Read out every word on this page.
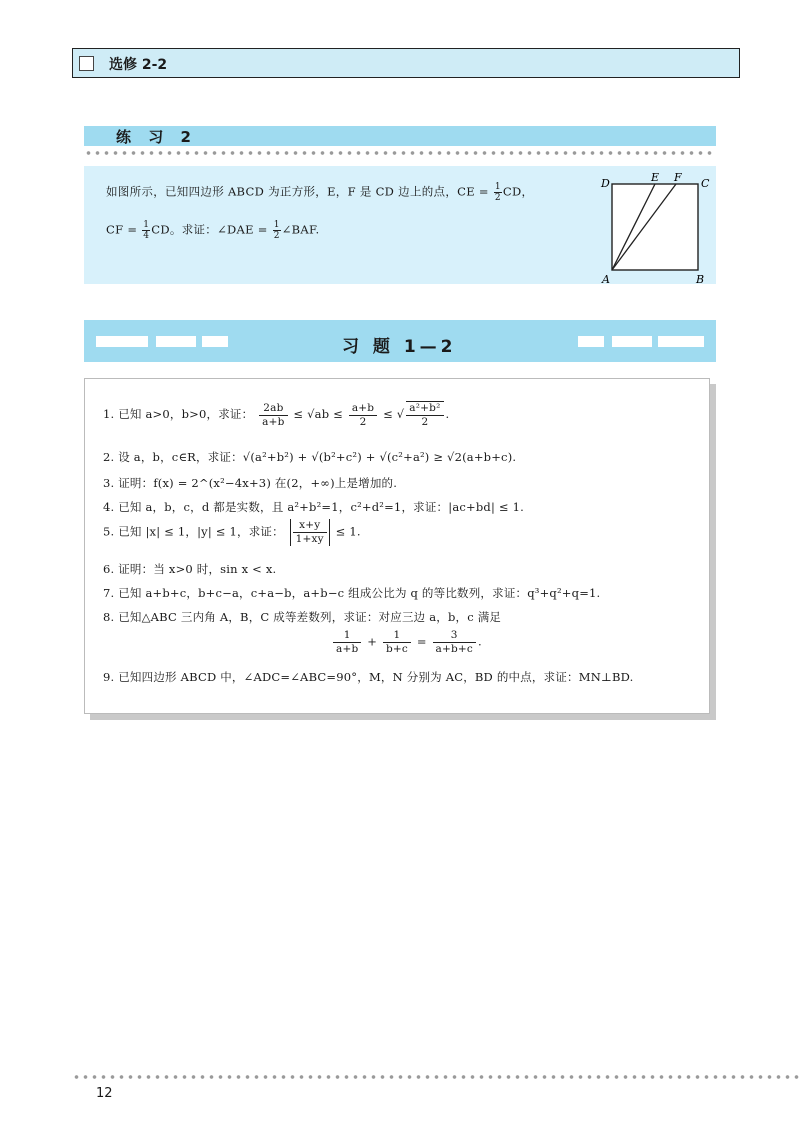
选修 2-2
练 习 2
如图所示，已知四边形 ABCD 为正方形，E，F 是 CD 边上的点，CE = $\frac{1}{2}$ CD，
CF = $\frac{1}{4}$ CD。求证：∠DAE = $\frac{1}{2}$ ∠BAF.
D	E F C
A	B
习 题 1—2
1. 已知 a>0，b>0，求证： $\frac{2ab}{a+b} \le √ab \le \frac{a+b}{2}$ ≤ √ $\frac{\text{a²+b²}}{2}$ .
2. 设 a，b，c∈R，求证：√(a²+b²) + √(b²+c²) + √(c²+a²) ≥ √2(a+b+c).
3. 证明：f(x) = 2^(x²−4x+3) 在(2，+∞)上是增加的.
4. 已知 a，b，c，d 都是实数，且 a²+b²=1，c²+d²=1，求证：|ac+bd| ≤ 1.
5. 已知 |x| ≤ 1，|y| ≤ 1，求证： $\frac{x+y}{1+xy} \le 1$.
6. 证明：当 x>0 时，sin x < x.
7. 已知 a+b+c，b+c−a，c+a−b，a+b−c 组成公比为 q 的等比数列，求证：q³+q²+q=1.
8. 已知△ABC 三内角 A，B，C 成等差数列，求证：对应三边 a，b，c 满足
$\frac{1}{a+b} + \frac{1}{b+c} = \frac{3}{a+b+c}$ .
9. 已知四边形 ABCD 中，∠ADC=∠ABC=90°，M，N 分别为 AC，BD 的中点，求证：MN⊥BD.
12
